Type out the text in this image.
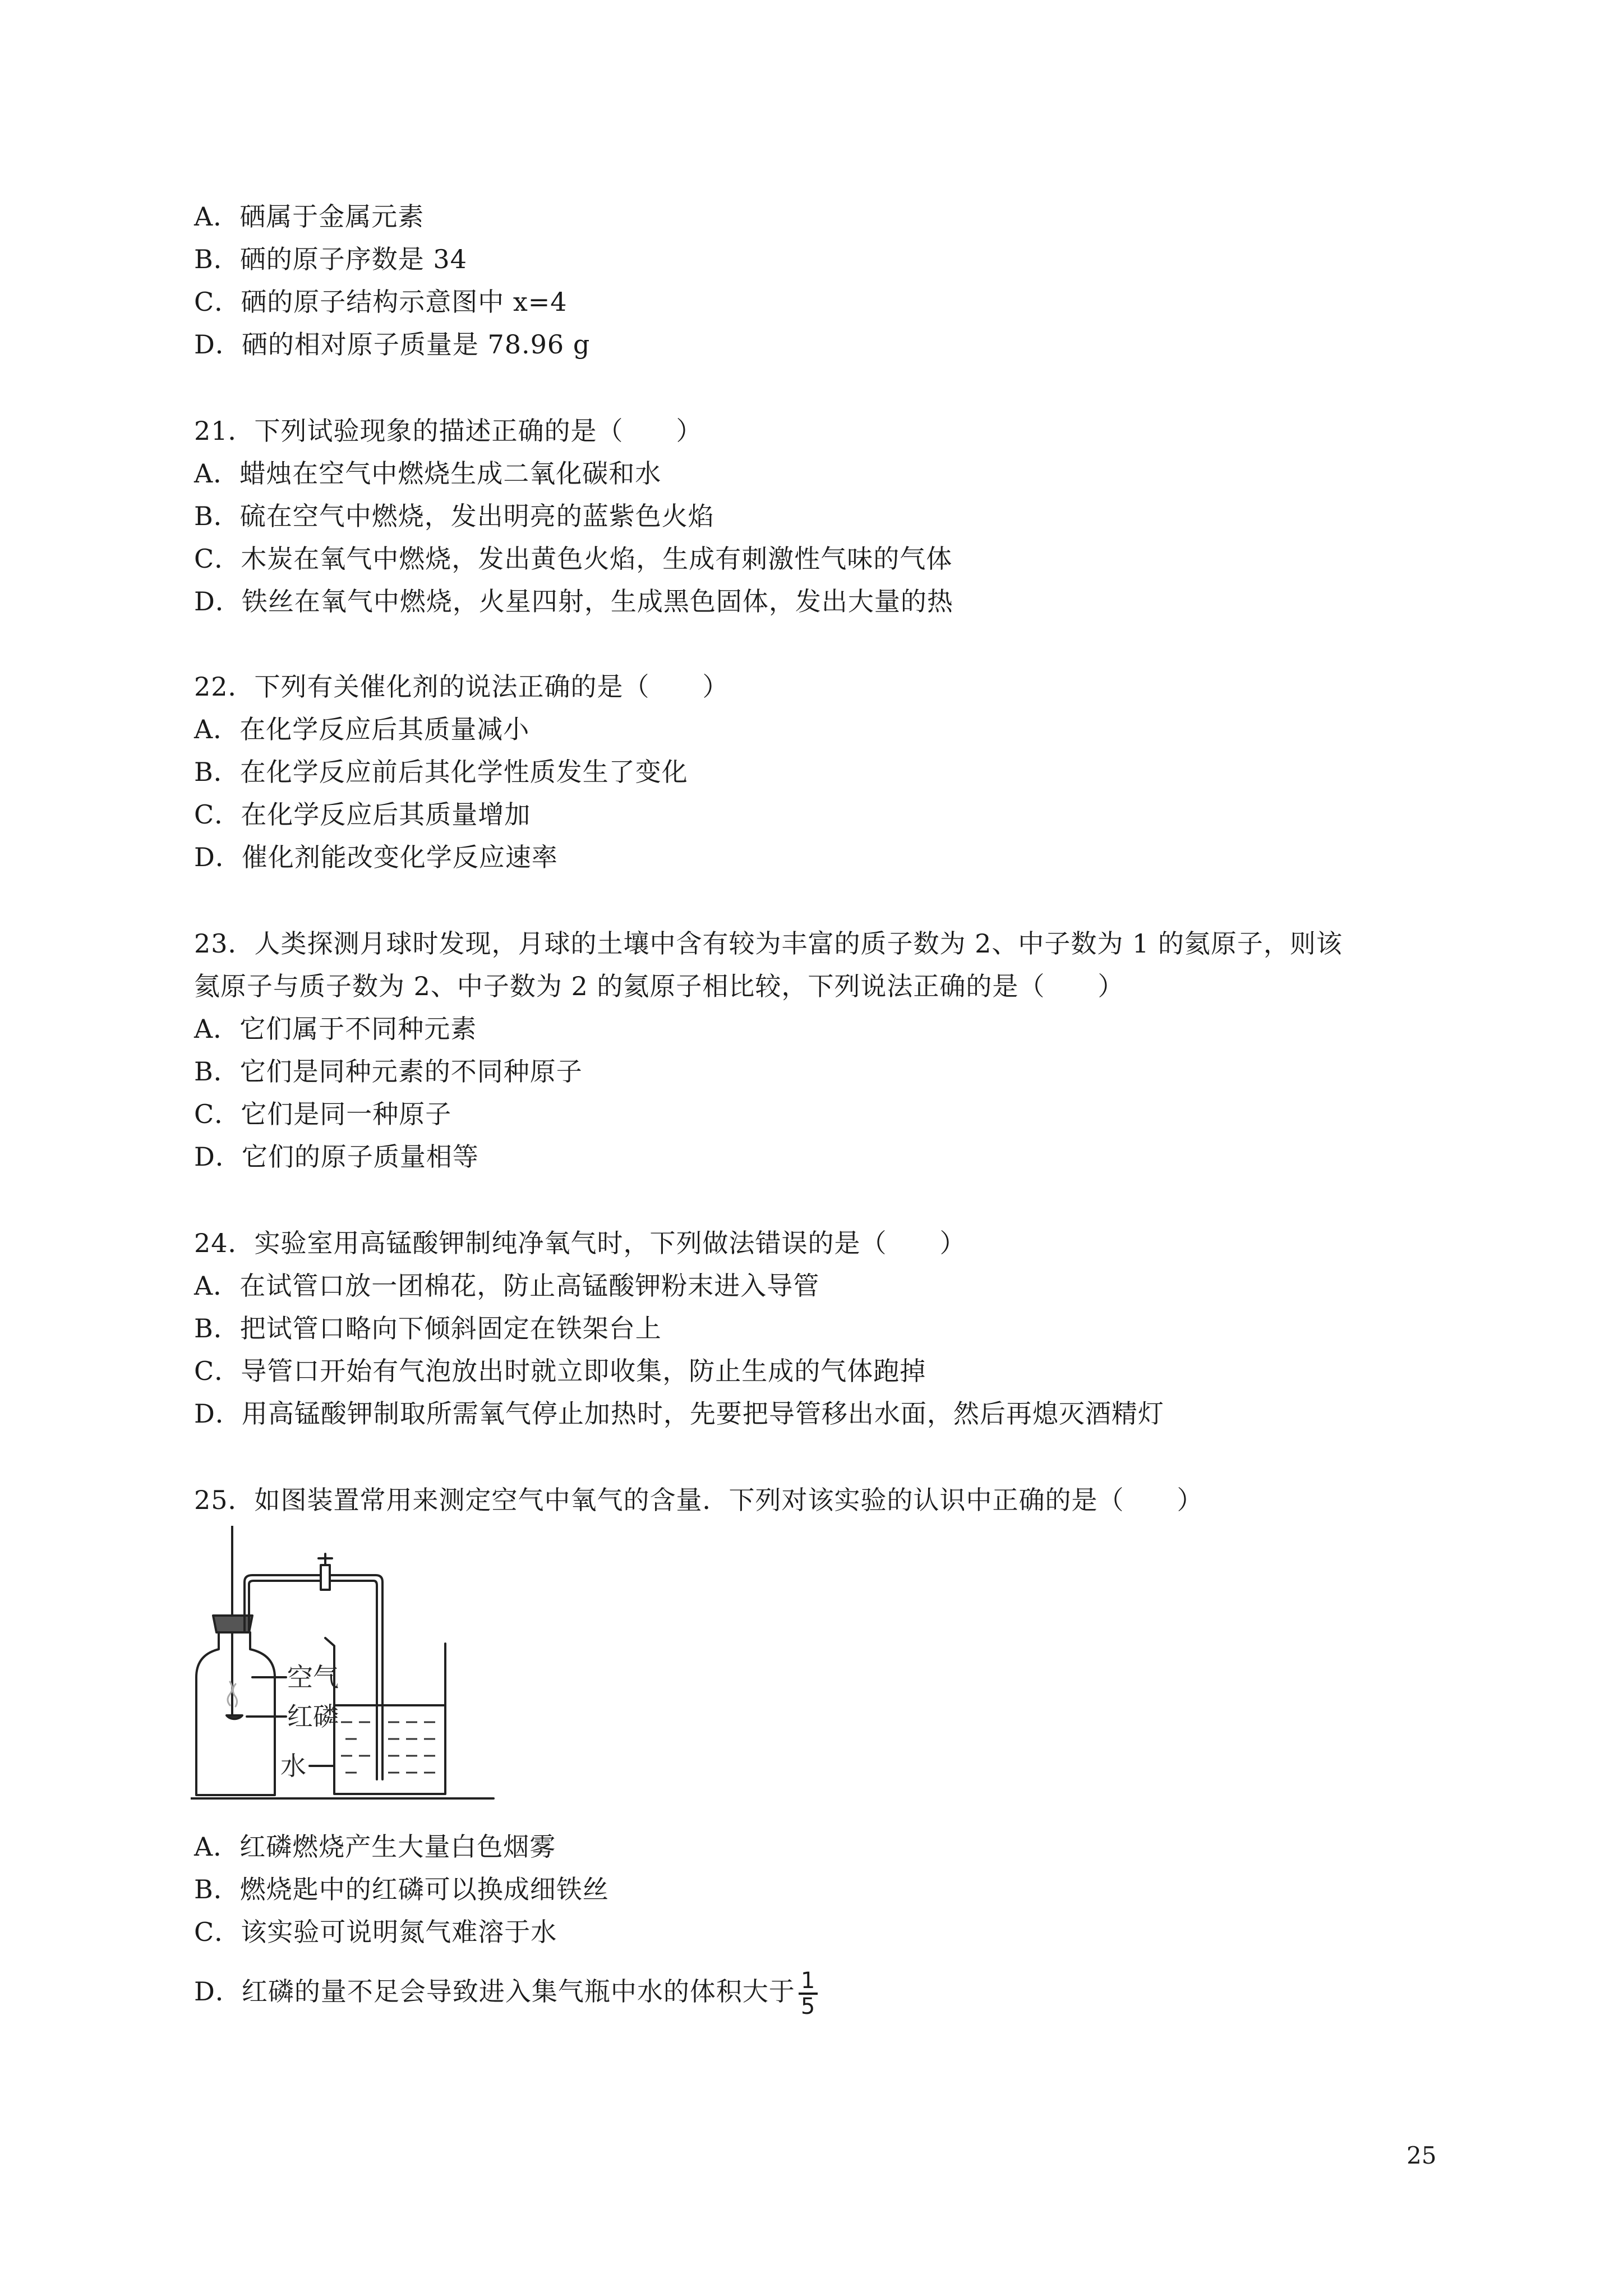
A．硒属于金属元素
B．硒的原子序数是 34
C．硒的原子结构示意图中 x=4
D．硒的相对原子质量是 78.96 g
21．下列试验现象的描述正确的是（　　）
A．蜡烛在空气中燃烧生成二氧化碳和水
B．硫在空气中燃烧，发出明亮的蓝紫色火焰
C．木炭在氧气中燃烧，发出黄色火焰，生成有刺激性气味的气体
D．铁丝在氧气中燃烧，火星四射，生成黑色固体，发出大量的热
22．下列有关催化剂的说法正确的是（　　）
A．在化学反应后其质量减小
B．在化学反应前后其化学性质发生了变化
C．在化学反应后其质量增加
D．催化剂能改变化学反应速率
23．人类探测月球时发现，月球的土壤中含有较为丰富的质子数为 2、中子数为 1 的氦原子，则该
氦原子与质子数为 2、中子数为 2 的氦原子相比较，下列说法正确的是（　　）
A．它们属于不同种元素
B．它们是同种元素的不同种原子
C．它们是同一种原子
D．它们的原子质量相等
24．实验室用高锰酸钾制纯净氧气时，下列做法错误的是（　　）
A．在试管口放一团棉花，防止高锰酸钾粉末进入导管
B．把试管口略向下倾斜固定在铁架台上
C．导管口开始有气泡放出时就立即收集，防止生成的气体跑掉
D．用高锰酸钾制取所需氧气停止加热时，先要把导管移出水面，然后再熄灭酒精灯
25．如图装置常用来测定空气中氧气的含量．下列对该实验的认识中正确的是（　　）
空气
红磷
水
A．红磷燃烧产生大量白色烟雾
B．燃烧匙中的红磷可以换成细铁丝
C．该实验可说明氮气难溶于水
D．红磷的量不足会导致进入集气瓶中水的体积大于 $\frac{1}{5}$
25
